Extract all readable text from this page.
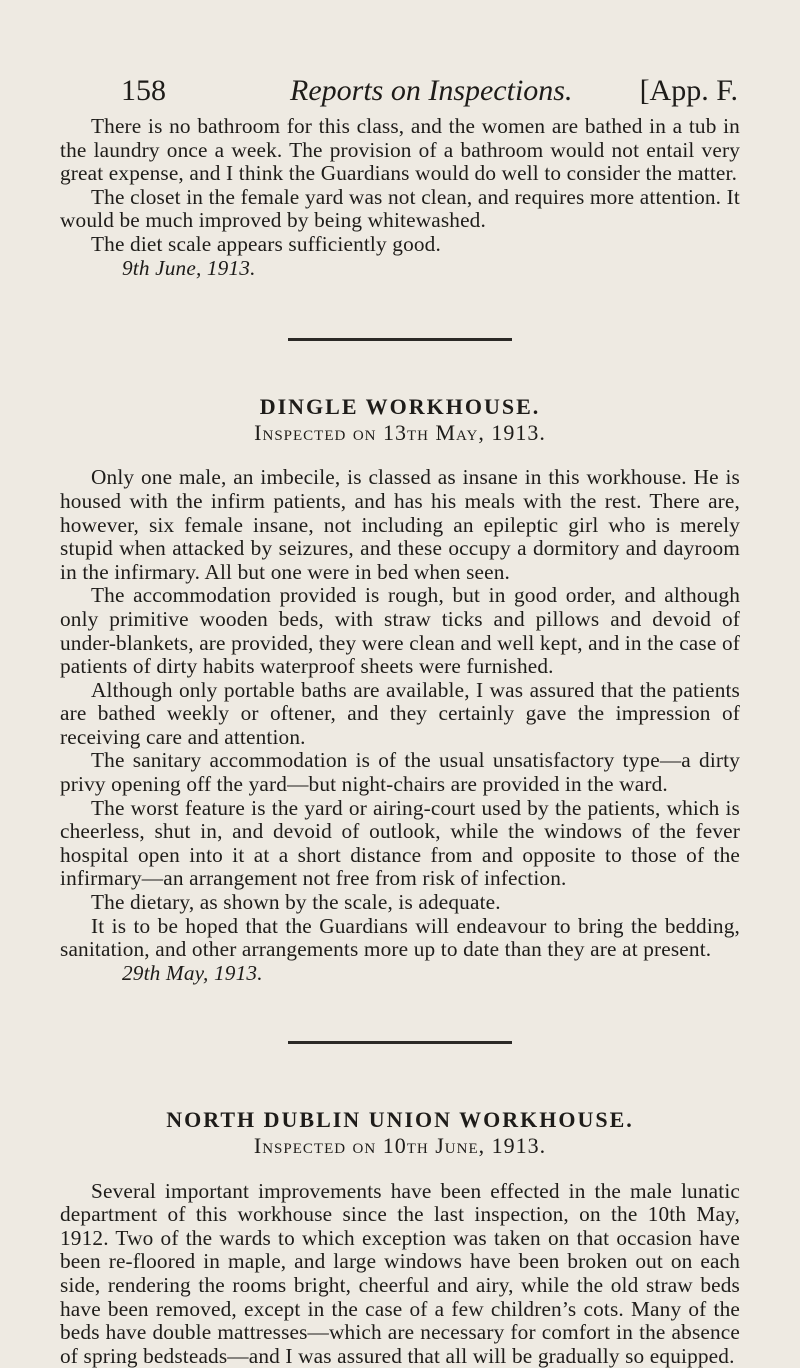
158	Reports on Inspections. [App. F.

There is no bathroom for this class, and the women are bathed in a tub in the laundry once a week. The provision of a bathroom would not entail very great expense, and I think the Guardians would do well to consider the matter.

The closet in the female yard was not clean, and requires more attention. It would be much improved by being whitewashed.

The diet scale appears sufficiently good.

9th June, 1913.

DINGLE WORKHOUSE.
Inspected on 13th May, 1913.

Only one male, an imbecile, is classed as insane in this workhouse. He is housed with the infirm patients, and has his meals with the rest. There are, however, six female insane, not including an epileptic girl who is merely stupid when attacked by seizures, and these occupy a dormitory and dayroom in the infirmary. All but one were in bed when seen.

The accommodation provided is rough, but in good order, and although only primitive wooden beds, with straw ticks and pillows and devoid of under-blankets, are provided, they were clean and well kept, and in the case of patients of dirty habits waterproof sheets were furnished.

Although only portable baths are available, I was assured that the patients are bathed weekly or oftener, and they certainly gave the impression of receiving care and attention.

The sanitary accommodation is of the usual unsatisfactory type—a dirty privy opening off the yard—but night-chairs are provided in the ward.

The worst feature is the yard or airing-court used by the patients, which is cheerless, shut in, and devoid of outlook, while the windows of the fever hospital open into it at a short distance from and opposite to those of the infirmary—an arrangement not free from risk of infection.

The dietary, as shown by the scale, is adequate.

It is to be hoped that the Guardians will endeavour to bring the bedding, sanitation, and other arrangements more up to date than they are at present.

29th May, 1913.

NORTH DUBLIN UNION WORKHOUSE.
Inspected on 10th June, 1913.

Several important improvements have been effected in the male lunatic department of this workhouse since the last inspection, on the 10th May, 1912. Two of the wards to which exception was taken on that occasion have been re-floored in maple, and large windows have been broken out on each side, rendering the rooms bright, cheerful and airy, while the old straw beds have been removed, except in the case of a few children’s cots. Many of the beds have double mattresses—which are necessary for comfort in the absence of spring bedsteads—and I was assured that all will be gradually so equipped.
